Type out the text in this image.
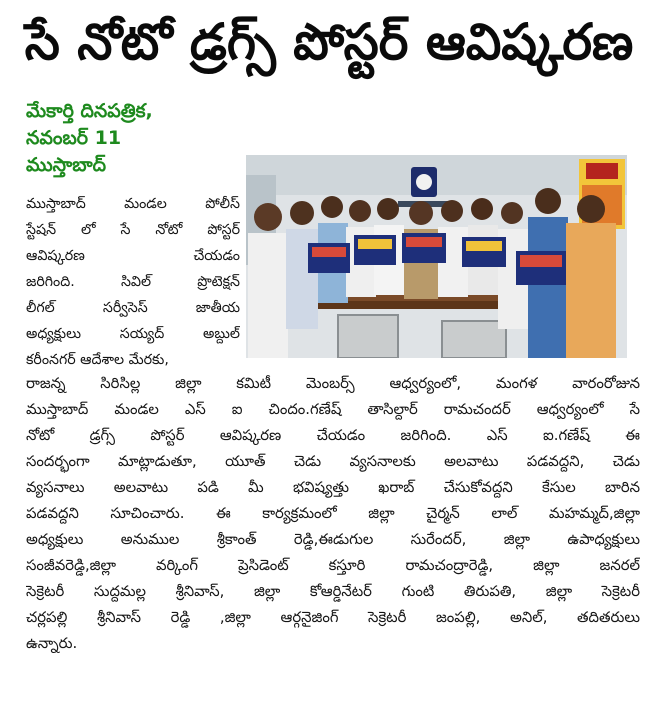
సే నోటో డ్రగ్స్ పోస్టర్ ఆవిష్కరణ
మేకార్తి దినపత్రిక,
నవంబర్ 11
ముస్తాబాద్
ముస్తాబాద్ మండల పోలీస్
స్టేషన్ లో సే నోటో పోస్టర్
ఆవిష్కరణ చేయడం
జరిగింది. సివిల్ ప్రొటెక్షన్
లీగల్ సర్వీసెస్ జాతీయ
అధ్యక్షులు సయ్యద్ అబ్దుల్
కరీంనగర్ ఆదేశాల మేరకు,
రాజన్న సిరిసిల్ల జిల్లా కమిటీ మెంబర్స్ ఆధ్వర్యంలో, మంగళ వారంరోజున
ముస్తాబాద్ మండల ఎస్ ఐ చిందం.గణేష్ తాసిల్దార్ రామచందర్ ఆధ్వర్యంలో సే
నోటో డ్రగ్స్ పోస్టర్ ఆవిష్కరణ చేయడం జరిగింది. ఎస్ ఐ.గణేష్ ఈ
సందర్భంగా మాట్లాడుతూ, యూత్ చెడు వ్యసనాలకు అలవాటు పడవద్దని, చెడు
వ్యసనాలు అలవాటు పడి మీ భవిష్యత్తు ఖరాబ్ చేసుకోవద్దని కేసుల బారిన
పడవద్దని సూచించారు. ఈ కార్యక్రమంలో జిల్లా చైర్మన్ లాల్ మహమ్మద్,జిల్లా
అధ్యక్షులు అనుముల శ్రీకాంత్ రెడ్డి,ఈడుగుల సురేందర్, జిల్లా ఉపాధ్యక్షులు
సంజీవరెడ్డి,జిల్లా వర్కింగ్ ప్రెసిడెంట్ కస్తూరి రామచంద్రారెడ్డి, జిల్లా జనరల్
సెక్రెటరీ సుద్దమల్ల శ్రీనివాస్, జిల్లా కోఆర్డినేటర్ గుంటి తిరుపతి, జిల్లా సెక్రెటరీ
చర్లపల్లి శ్రీనివాస్ రెడ్డి ,జిల్లా ఆర్గనైజింగ్ సెక్రెటరీ జంపల్లి, అనిల్, తదితరులు
ఉన్నారు.
